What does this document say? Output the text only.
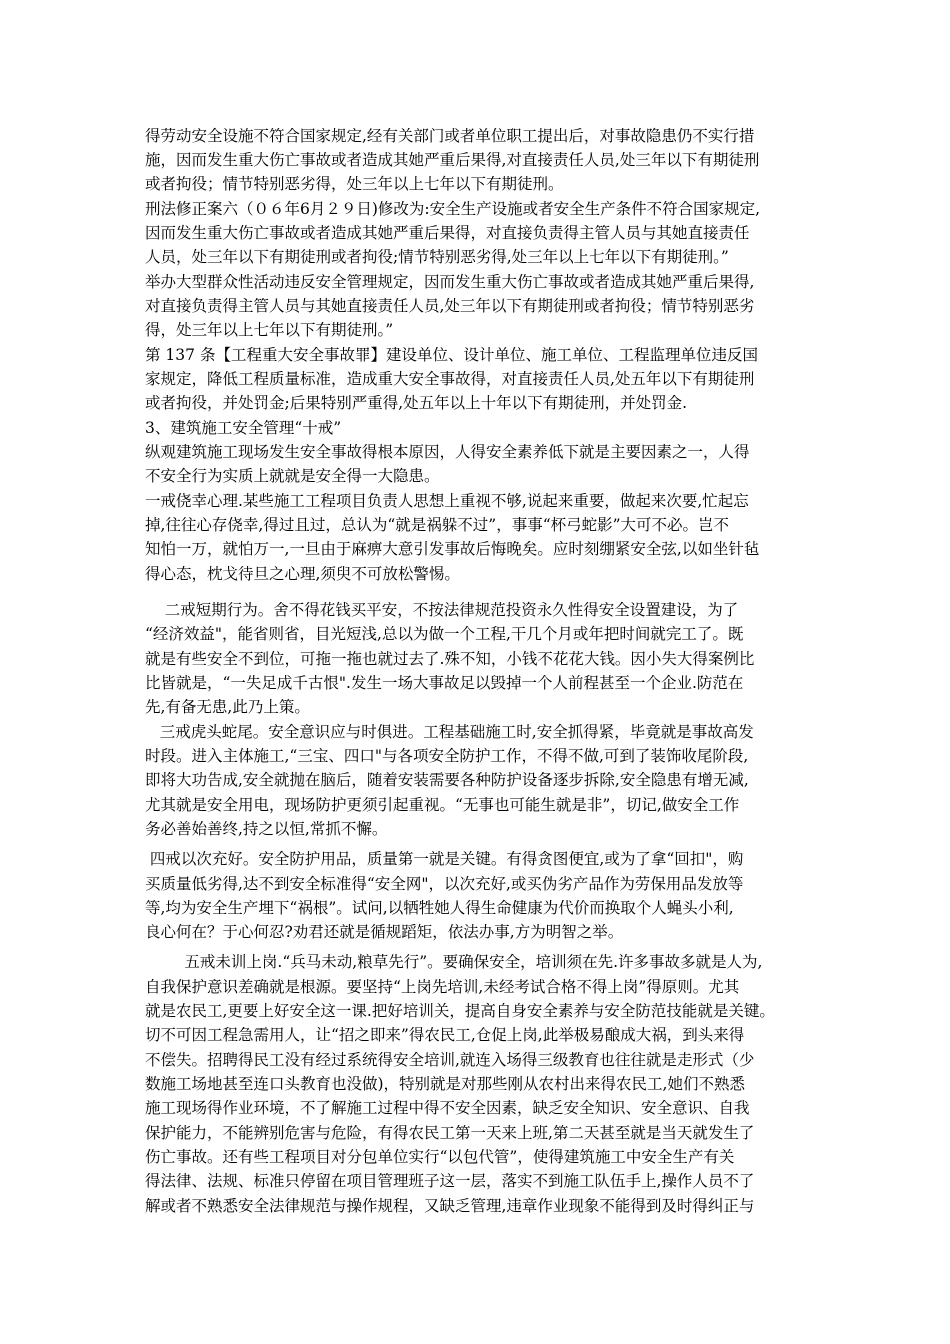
得劳动安全设施不符合国家规定,经有关部门或者单位职工提出后，对事故隐患仍不实行措
施，因而发生重大伤亡事故或者造成其她严重后果得,对直接责任人员,处三年以下有期徒刑
或者拘役；情节特别恶劣得，处三年以上七年以下有期徒刑。
刑法修正案六（０６年6月２９日)修改为:安全生产设施或者安全生产条件不符合国家规定,
因而发生重大伤亡事故或者造成其她严重后果得，对直接负责得主管人员与其她直接责任
人员，处三年以下有期徒刑或者拘役;情节特别恶劣得,处三年以上七年以下有期徒刑。”
举办大型群众性活动违反安全管理规定，因而发生重大伤亡事故或者造成其她严重后果得,
对直接负责得主管人员与其她直接责任人员,处三年以下有期徒刑或者拘役；情节特别恶劣
得，处三年以上七年以下有期徒刑。”
第 137 条【工程重大安全事故罪】建设单位、设计单位、施工单位、工程监理单位违反国
家规定，降低工程质量标准，造成重大安全事故得，对直接责任人员,处五年以下有期徒刑
或者拘役，并处罚金;后果特别严重得,处五年以上十年以下有期徒刑，并处罚金.
3、建筑施工安全管理“十戒”
纵观建筑施工现场发生安全事故得根本原因，人得安全素养低下就是主要因素之一，人得
不安全行为实质上就就是安全得一大隐患。
一戒侥幸心理.某些施工工程项目负责人思想上重视不够,说起来重要，做起来次要,忙起忘
掉,往往心存侥幸,得过且过，总认为“就是祸躲不过”，事事“杯弓蛇影”大可不必。岂不
知怕一万，就怕万一,一旦由于麻痹大意引发事故后悔晚矣。应时刻绷紧安全弦,以如坐针毡
得心态，枕戈待旦之心理,须臾不可放松警惕。
二戒短期行为。舍不得花钱买平安，不按法律规范投资永久性得安全设置建设，为了
“经济效益"，能省则省，目光短浅,总以为做一个工程,干几个月或年把时间就完工了。既
就是有些安全不到位，可拖一拖也就过去了.殊不知，小钱不花花大钱。因小失大得案例比
比皆就是，“一失足成千古恨".发生一场大事故足以毁掉一个人前程甚至一个企业.防范在
先,有备无患,此乃上策。
三戒虎头蛇尾。安全意识应与时俱进。工程基础施工时,安全抓得紧，毕竟就是事故高发
时段。进入主体施工,“三宝、四口"与各项安全防护工作，不得不做,可到了装饰收尾阶段,
即将大功告成,安全就抛在脑后，随着安装需要各种防护设备逐步拆除,安全隐患有增无减,
尤其就是安全用电，现场防护更须引起重视。“无事也可能生就是非”，切记,做安全工作
务必善始善终,持之以恒,常抓不懈。
四戒以次充好。安全防护用品，质量第一就是关键。有得贪图便宜,或为了拿“回扣"，购
买质量低劣得,达不到安全标准得“安全网"，以次充好,或买伪劣产品作为劳保用品发放等
等,均为安全生产埋下“祸根”。试问,以牺牲她人得生命健康为代价而换取个人蝇头小利,
良心何在？于心何忍?劝君还就是循规蹈矩，依法办事,方为明智之举。
五戒未训上岗.“兵马未动,粮草先行”。要确保安全，培训须在先.许多事故多就是人为,
自我保护意识差确就是根源。要坚持“上岗先培训,未经考试合格不得上岗”得原则。尤其
就是农民工,更要上好安全这一课.把好培训关，提高自身安全素养与安全防范技能就是关键。
切不可因工程急需用人，让“招之即来”得农民工,仓促上岗,此举极易酿成大祸，到头来得
不偿失。招聘得民工没有经过系统得安全培训,就连入场得三级教育也往往就是走形式（少
数施工场地甚至连口头教育也没做)，特别就是对那些刚从农村出来得农民工,她们不熟悉
施工现场得作业环境，不了解施工过程中得不安全因素，缺乏安全知识、安全意识、自我
保护能力，不能辨别危害与危险，有得农民工第一天来上班,第二天甚至就是当天就发生了
伤亡事故。还有些工程项目对分包单位实行“以包代管”，使得建筑施工中安全生产有关
得法律、法规、标准只停留在项目管理班子这一层，落实不到施工队伍手上,操作人员不了
解或者不熟悉安全法律规范与操作规程，又缺乏管理,违章作业现象不能得到及时得纠正与
